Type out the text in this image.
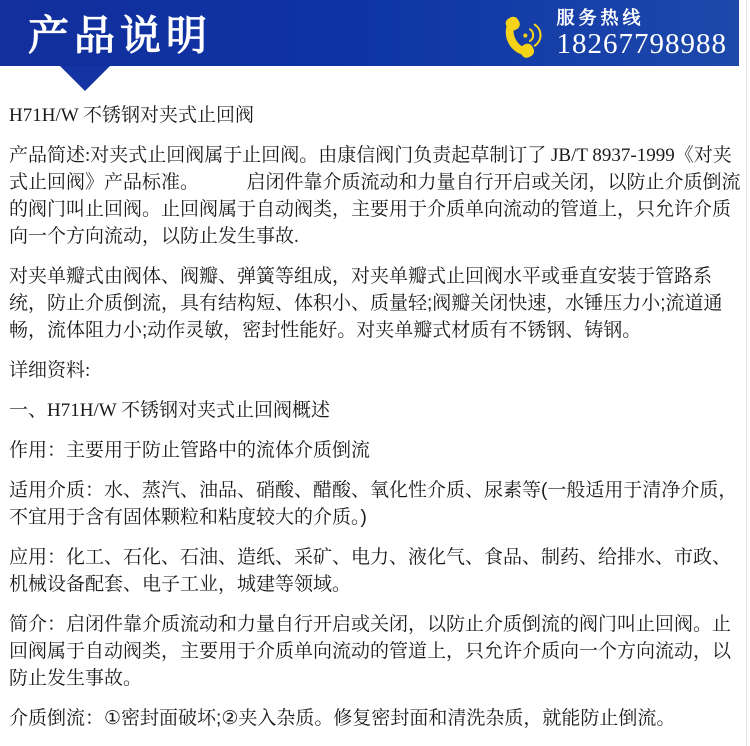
产品说明	服务热线
18267798988

H71H/W 不锈钢对夹式止回阀

产品简述:对夹式止回阀属于止回阀。由康信阀门负责起草制订了 JB/T 8937-1999《对夹式止回阀》产品标准。　　　启闭件靠介质流动和力量自行开启或关闭，以防止介质倒流的阀门叫止回阀。止回阀属于自动阀类，主要用于介质单向流动的管道上，只允许介质向一个方向流动，以防止发生事故.

对夹单瓣式由阀体、阀瓣、弹簧等组成，对夹单瓣式止回阀水平或垂直安装于管路系统，防止介质倒流，具有结构短、体积小、质量轻;阀瓣关闭快速，水锤压力小;流道通畅，流体阻力小;动作灵敏，密封性能好。对夹单瓣式材质有不锈钢、铸钢。

详细资料:

一、H71H/W 不锈钢对夹式止回阀概述

作用：主要用于防止管路中的流体介质倒流

适用介质：水、蒸汽、油品、硝酸、醋酸、氧化性介质、尿素等(一般适用于清净介质，不宜用于含有固体颗粒和粘度较大的介质。)

应用：化工、石化、石油、造纸、采矿、电力、液化气、食品、制药、给排水、市政、机械设备配套、电子工业，城建等领域。

简介：启闭件靠介质流动和力量自行开启或关闭，以防止介质倒流的阀门叫止回阀。止回阀属于自动阀类，主要用于介质单向流动的管道上，只允许介质向一个方向流动，以防止发生事故。

介质倒流：①密封面破坏;②夹入杂质。修复密封面和清洗杂质，就能防止倒流。
